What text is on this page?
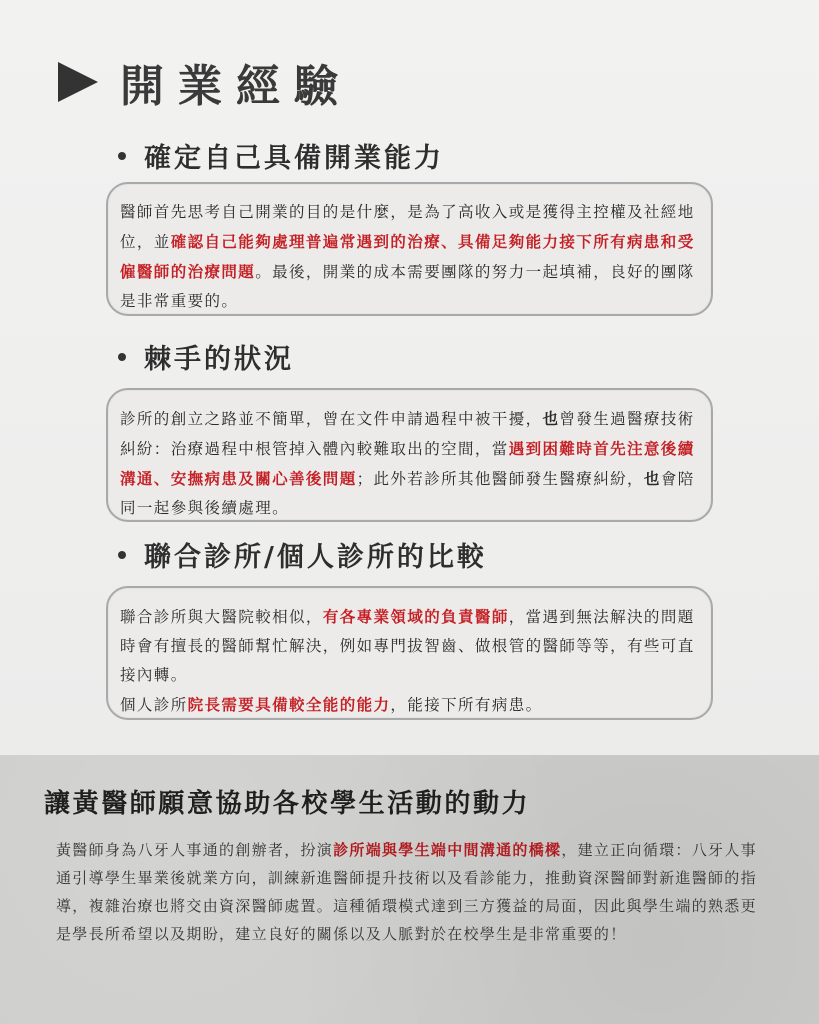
開業經驗
確定自己具備開業能力
醫師首先思考自己開業的目的是什麼，是為了高收入或是獲得主控權及社經地位，並確認自己能夠處理普遍常遇到的治療、具備足夠能力接下所有病患和受僱醫師的治療問題。最後，開業的成本需要團隊的努力一起填補，良好的團隊是非常重要的。
棘手的狀況
診所的創立之路並不簡單，曾在文件申請過程中被干擾，也曾發生過醫療技術糾紛：治療過程中根管掉入體內較難取出的空間，當遇到困難時首先注意後續溝通、安撫病患及關心善後問題；此外若診所其他醫師發生醫療糾紛，也會陪同一起參與後續處理。
聯合診所/個人診所的比較
聯合診所與大醫院較相似，有各專業領域的負責醫師，當遇到無法解決的問題時會有擅長的醫師幫忙解決，例如專門拔智齒、做根管的醫師等等，有些可直接內轉。
個人診所院長需要具備較全能的能力，能接下所有病患。
讓黃醫師願意協助各校學生活動的動力
黃醫師身為八牙人事通的創辦者，扮演診所端與學生端中間溝通的橋樑，建立正向循環：八牙人事通引導學生畢業後就業方向，訓練新進醫師提升技術以及看診能力，推動資深醫師對新進醫師的指導，複雜治療也將交由資深醫師處置。這種循環模式達到三方獲益的局面，因此與學生端的熟悉更是學長所希望以及期盼，建立良好的關係以及人脈對於在校學生是非常重要的！
